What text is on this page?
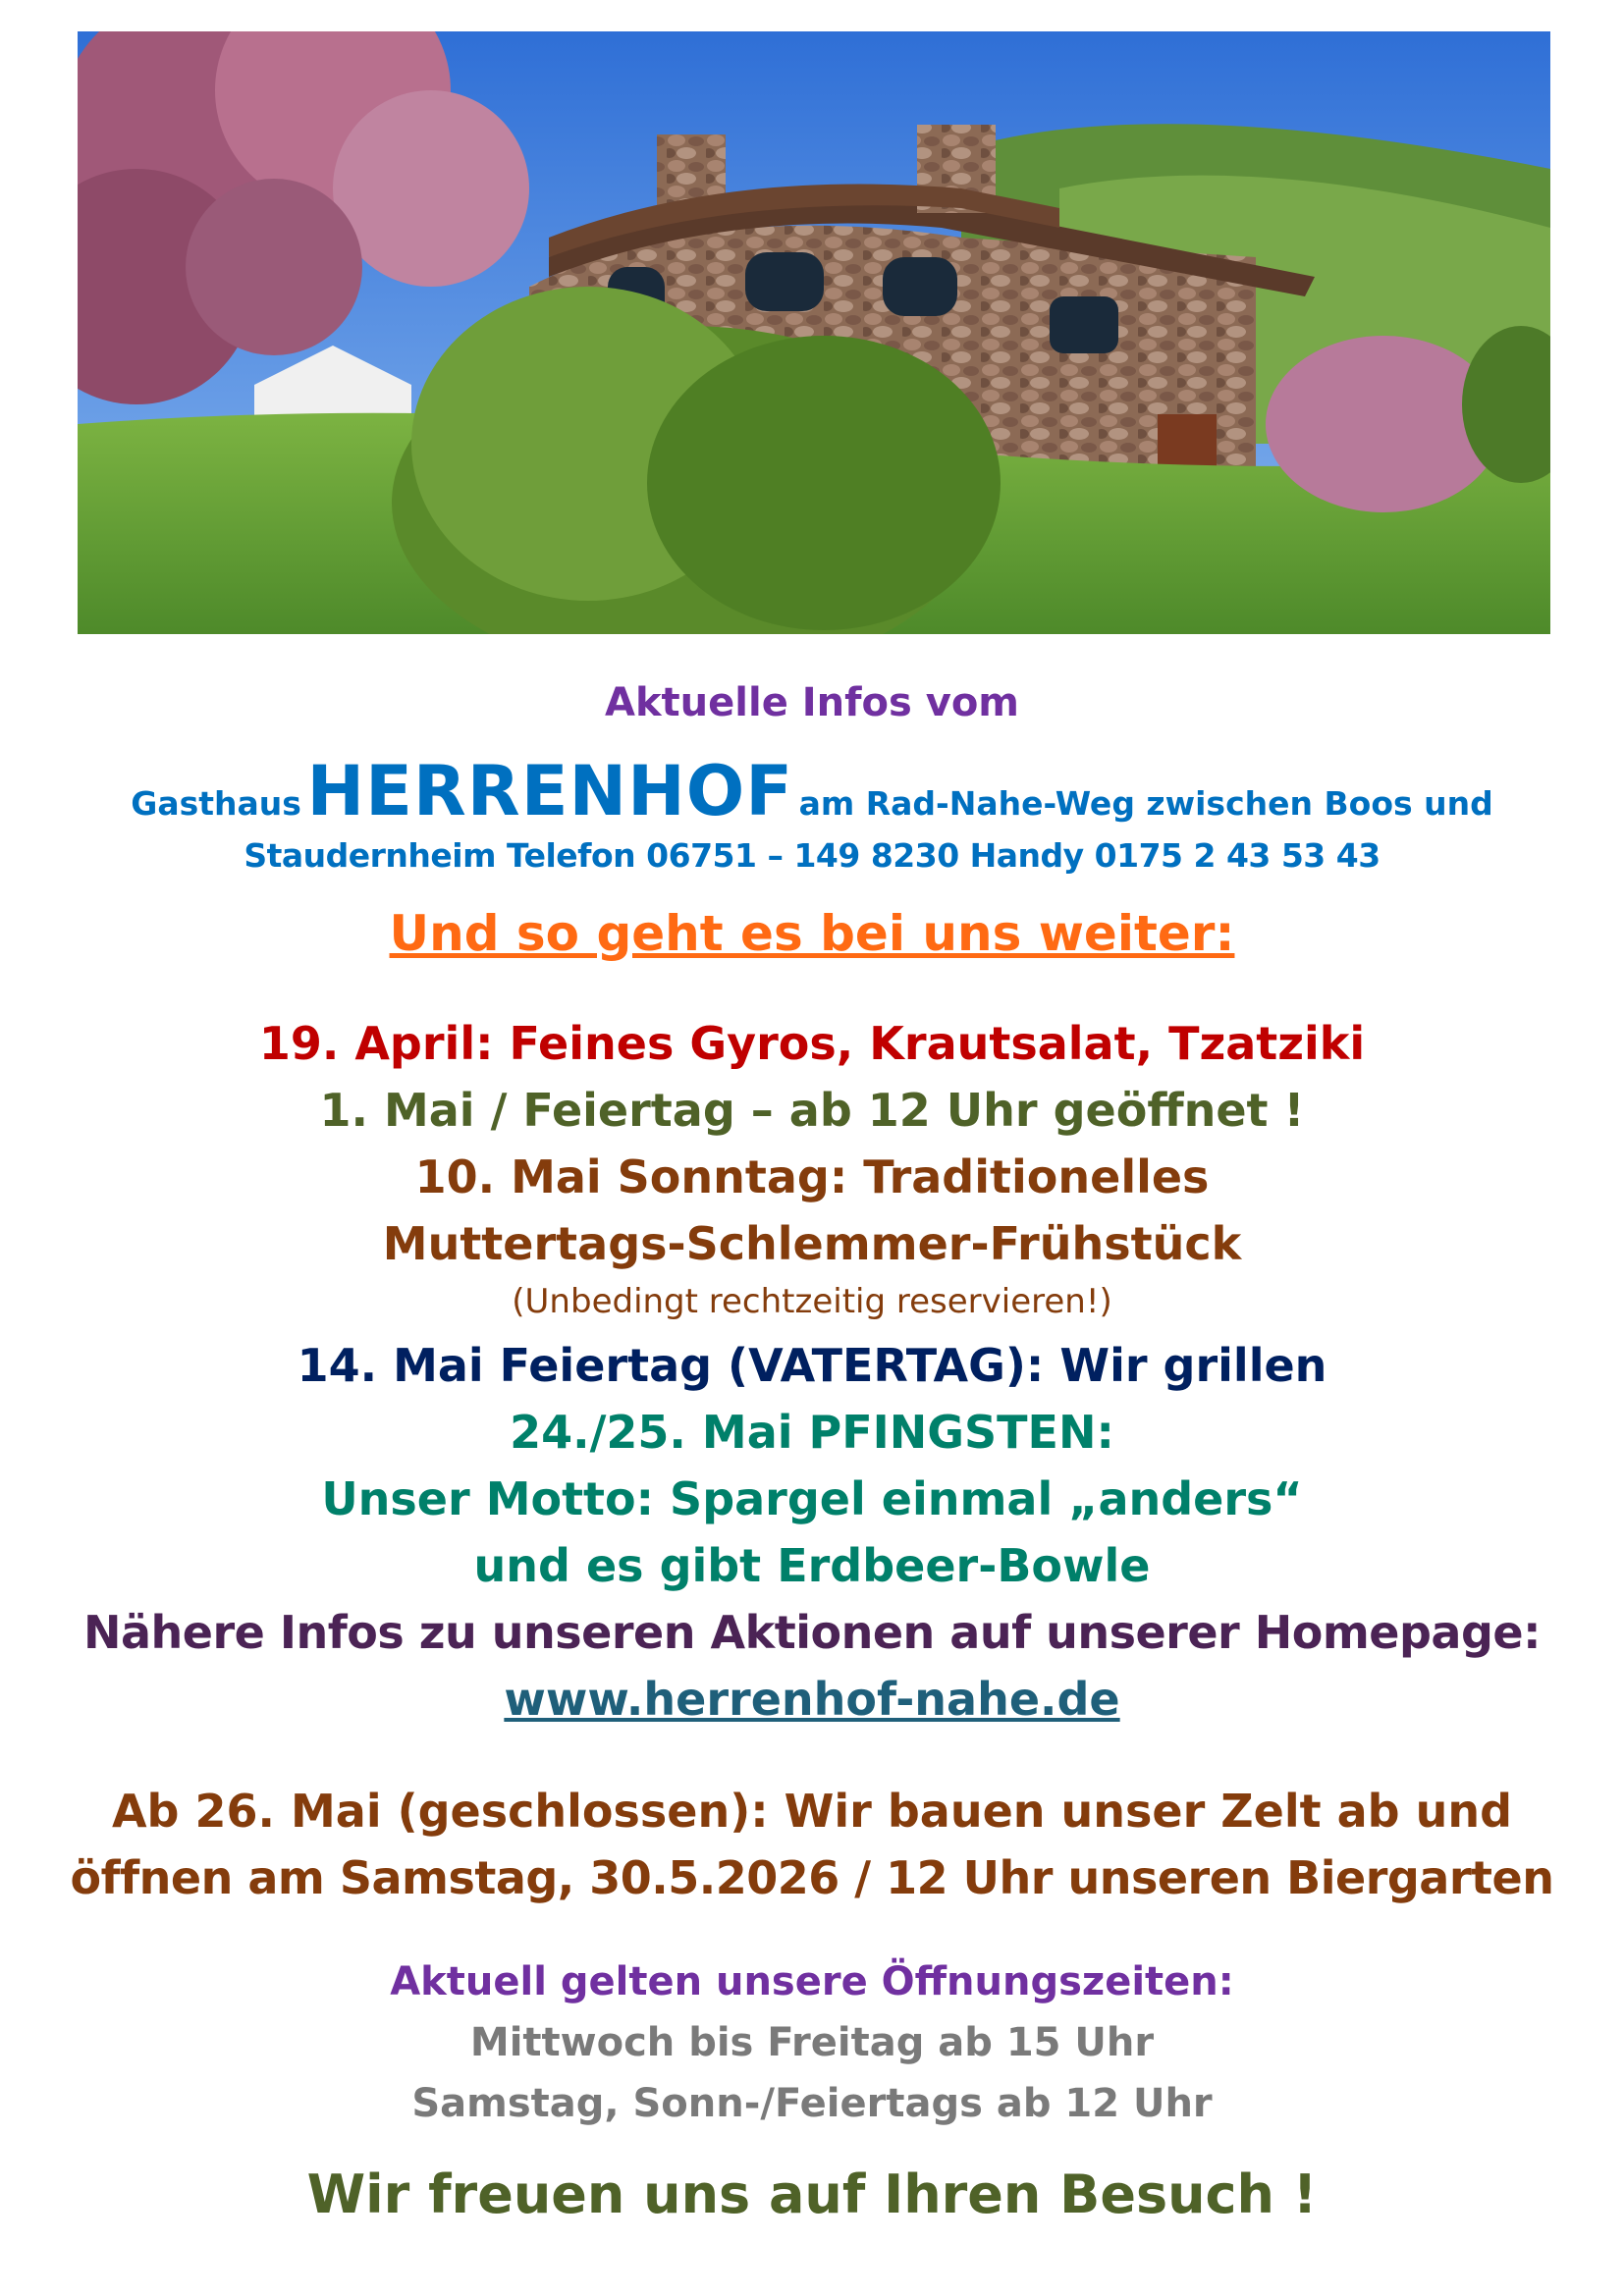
Aktuelle Infos vom
Gasthaus HERRENHOF am Rad-Nahe-Weg zwischen Boos und
Staudernheim Telefon 06751 – 149 8230 Handy 0175 2 43 53 43
Und so geht es bei uns weiter:
19. April: Feines Gyros, Krautsalat, Tzatziki
1. Mai / Feiertag – ab 12 Uhr geöffnet !
10. Mai Sonntag: Traditionelles
Muttertags-Schlemmer-Frühstück
(Unbedingt rechtzeitig reservieren!)
14. Mai Feiertag (VATERTAG): Wir grillen
24./25. Mai PFINGSTEN:
Unser Motto: Spargel einmal „anders“
und es gibt Erdbeer-Bowle
Nähere Infos zu unseren Aktionen auf unserer Homepage:
www.herrenhof-nahe.de
Ab 26. Mai (geschlossen): Wir bauen unser Zelt ab und
öffnen am Samstag, 30.5.2026 / 12 Uhr unseren Biergarten
Aktuell gelten unsere Öffnungszeiten:
Mittwoch bis Freitag ab 15 Uhr
Samstag, Sonn-/Feiertags ab 12 Uhr
Wir freuen uns auf Ihren Besuch !
